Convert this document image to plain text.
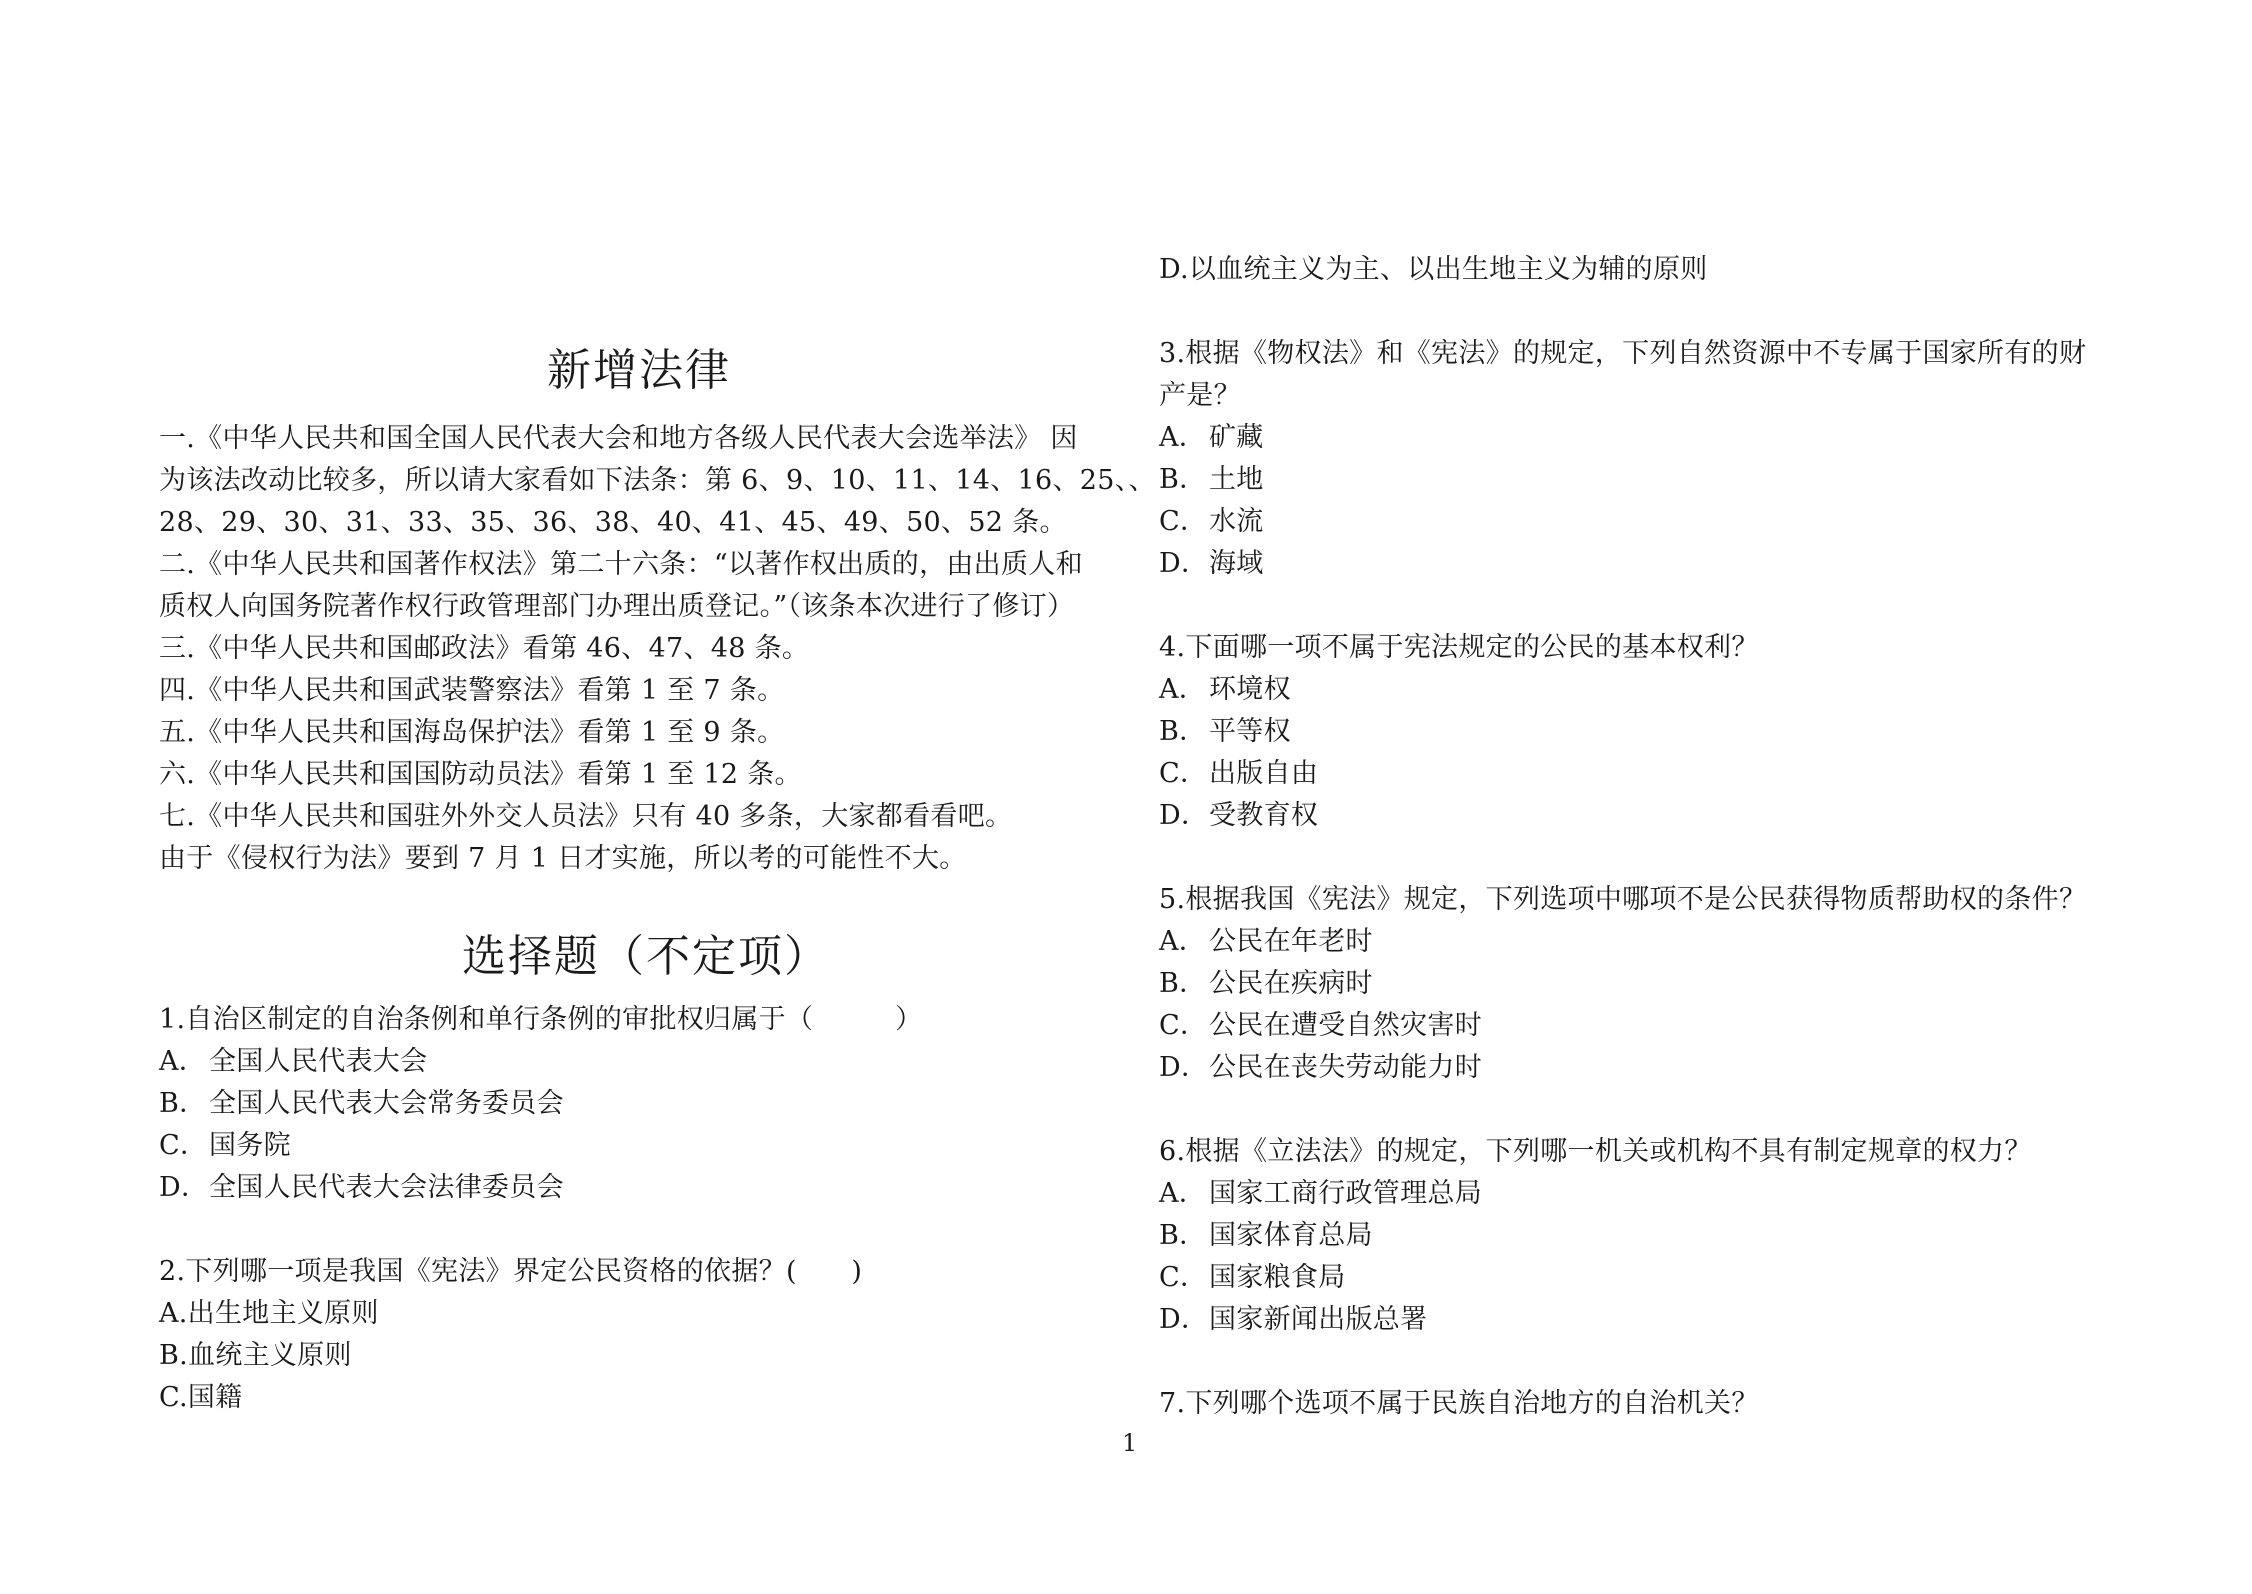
新增法律
一.《中华人民共和国全国人民代表大会和地方各级人民代表大会选举法》 因
为该法改动比较多，所以请大家看如下法条：第 6、9、10、11、14、16、25、、
28、29、30、31、33、35、36、38、40、41、45、49、50、52 条。
二.《中华人民共和国著作权法》第二十六条：“以著作权出质的，由出质人和
质权人向国务院著作权行政管理部门办理出质登记。”（该条本次进行了修订）
三.《中华人民共和国邮政法》看第 46、47、48 条。
四.《中华人民共和国武装警察法》看第 1 至 7 条。
五.《中华人民共和国海岛保护法》看第 1 至 9 条。
六.《中华人民共和国国防动员法》看第 1 至 12 条。
七.《中华人民共和国驻外外交人员法》只有 40 多条，大家都看看吧。
由于《侵权行为法》要到 7 月 1 日才实施，所以考的可能性不大。
选择题（不定项）
1.自治区制定的自治条例和单行条例的审批权归属于（　　　）
A． 全国人民代表大会
B．全国人民代表大会常务委员会
C．国务院
D．全国人民代表大会法律委员会
2.下列哪一项是我国《宪法》界定公民资格的依据？(　　)
A.出生地主义原则
B.血统主义原则
C.国籍
D.以血统主义为主、以出生地主义为辅的原则
3.根据《物权法》和《宪法》的规定，下列自然资源中不专属于国家所有的财
产是？
A． 矿藏
B．土地
C．水流
D．海域
4.下面哪一项不属于宪法规定的公民的基本权利？
A． 环境权
B．平等权
C．出版自由
D．受教育权
5.根据我国《宪法》规定，下列选项中哪项不是公民获得物质帮助权的条件？
A． 公民在年老时
B．公民在疾病时
C．公民在遭受自然灾害时
D．公民在丧失劳动能力时
6.根据《立法法》的规定，下列哪一机关或机构不具有制定规章的权力？
A． 国家工商行政管理总局
B．国家体育总局
C．国家粮食局
D．国家新闻出版总署
7.下列哪个选项不属于民族自治地方的自治机关？
1
